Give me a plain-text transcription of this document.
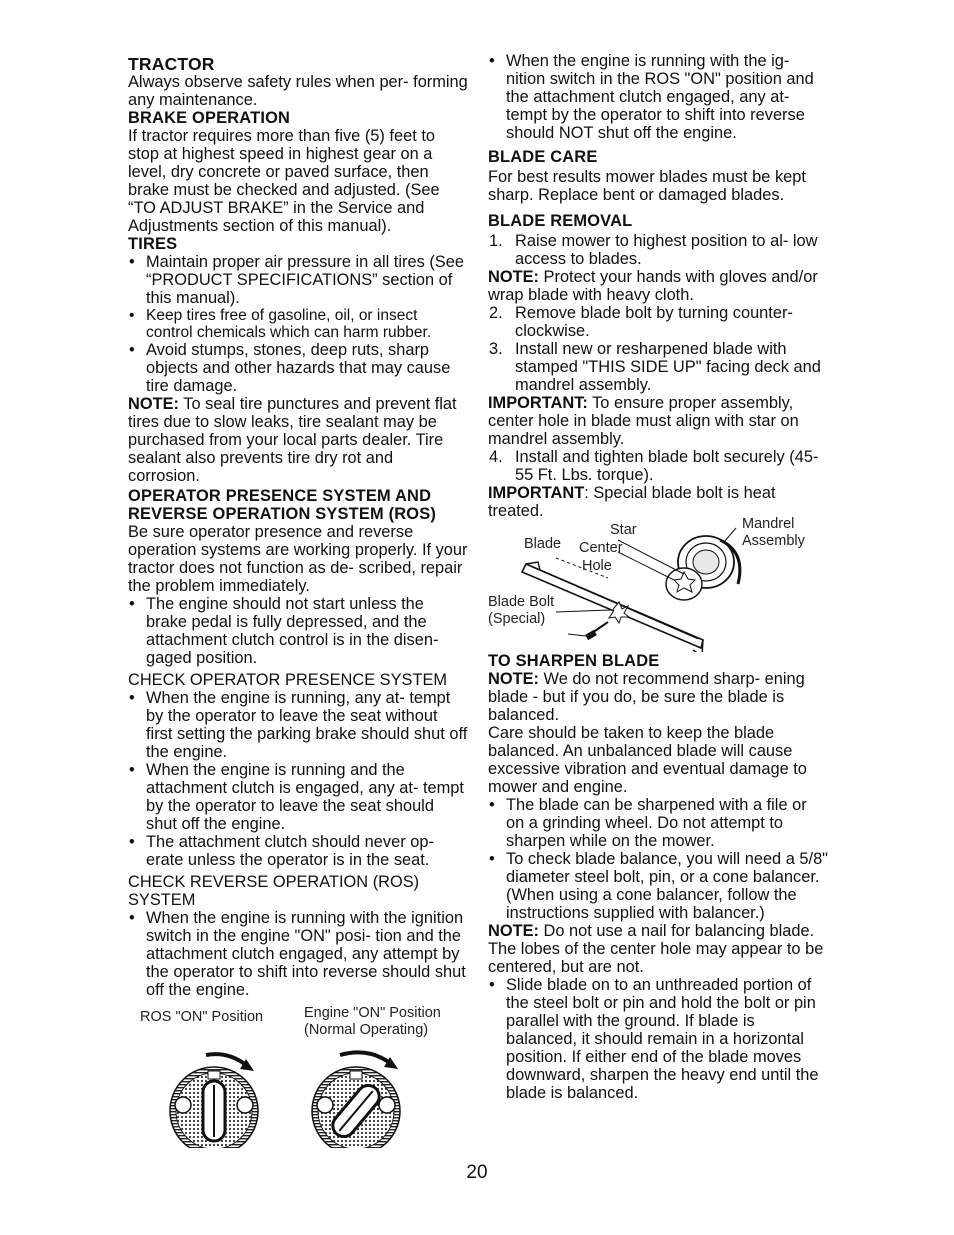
TRACTOR

Always observe safety rules when per- forming any maintenance.

BRAKE OPERATION

If tractor requires more than five (5) feet to stop at highest speed in highest gear on a level, dry concrete or paved surface, then brake must be checked and adjusted. (See “TO ADJUST BRAKE” in the Service and Adjustments section of this manual).

TIRES
• Maintain proper air pressure in all tires (See “PRODUCT SPECIFICATIONS” section of this manual).
• Keep tires free of gasoline, oil, or insect control chemicals which can harm rubber.
• Avoid stumps, stones, deep ruts, sharp objects and other hazards that may cause tire damage.

NOTE: To seal tire punctures and prevent flat tires due to slow leaks, tire sealant may be purchased from your local parts dealer. Tire sealant also prevents tire dry rot and corrosion.

OPERATOR PRESENCE SYSTEM AND REVERSE OPERATION SYSTEM (ROS)

Be sure operator presence and reverse operation systems are working properly. If your tractor does not function as de- scribed, repair the problem immediately.

• The engine should not start unless the brake pedal is fully depressed, and the attachment clutch control is in the disen- gaged position.
CHECK OPERATOR PRESENCE SYSTEM
• When the engine is running, any at- tempt by the operator to leave the seat without first setting the parking brake should shut off the engine.
• When the engine is running and the attachment clutch is engaged, any at- tempt by the operator to leave the seat should shut off the engine.
• The attachment clutch should never op- erate unless the operator is in the seat.
CHECK REVERSE OPERATION (ROS) SYSTEM
• When the engine is running with the ignition switch in the engine "ON" posi- tion and the attachment clutch engaged, any attempt by the operator to shift into reverse should shut off the engine.
ROS "ON" Position	Engine "ON" Position
(Normal Operating)
• When the engine is running with the ig- nition switch in the ROS "ON" position and the attachment clutch engaged, any at- tempt by the operator to shift into reverse should NOT shut off the engine.
BLADE CARE

For best results mower blades must be kept sharp. Replace bent or damaged blades.

BLADE REMOVAL
1. Raise mower to highest position to al- low access to blades.

NOTE: Protect your hands with gloves and/or wrap blade with heavy cloth.

2. Remove blade bolt by turning counter- clockwise.
3. Install new or resharpened blade with stamped "THIS SIDE UP" facing deck and mandrel assembly.

IMPORTANT: To ensure proper assembly, center hole in blade must align with star on mandrel assembly.

4. Install and tighten blade bolt securely (45-55 Ft. Lbs. torque).

IMPORTANT: Special blade bolt is heat treated.

Star
Blade Center
Hole
Mandrel
Assembly
Blade Bolt
(Special)
TO SHARPEN BLADE

NOTE: We do not recommend sharp- ening blade - but if you do, be sure the blade is balanced.

Care should be taken to keep the blade balanced. An unbalanced blade will cause excessive vibration and eventual damage to mower and engine.

• The blade can be sharpened with a file or on a grinding wheel. Do not attempt to sharpen while on the mower.
• To check blade balance, you will need a 5/8" diameter steel bolt, pin, or a cone balancer. (When using a cone balancer, follow the instructions supplied with balancer.)

NOTE: Do not use a nail for balancing blade. The lobes of the center hole may appear to be centered, but are not.

• Slide blade on to an unthreaded portion of the steel bolt or pin and hold the bolt or pin parallel with the ground. If blade is balanced, it should remain in a horizontal position. If either end of the blade moves downward, sharpen the heavy end until the blade is balanced.
20
